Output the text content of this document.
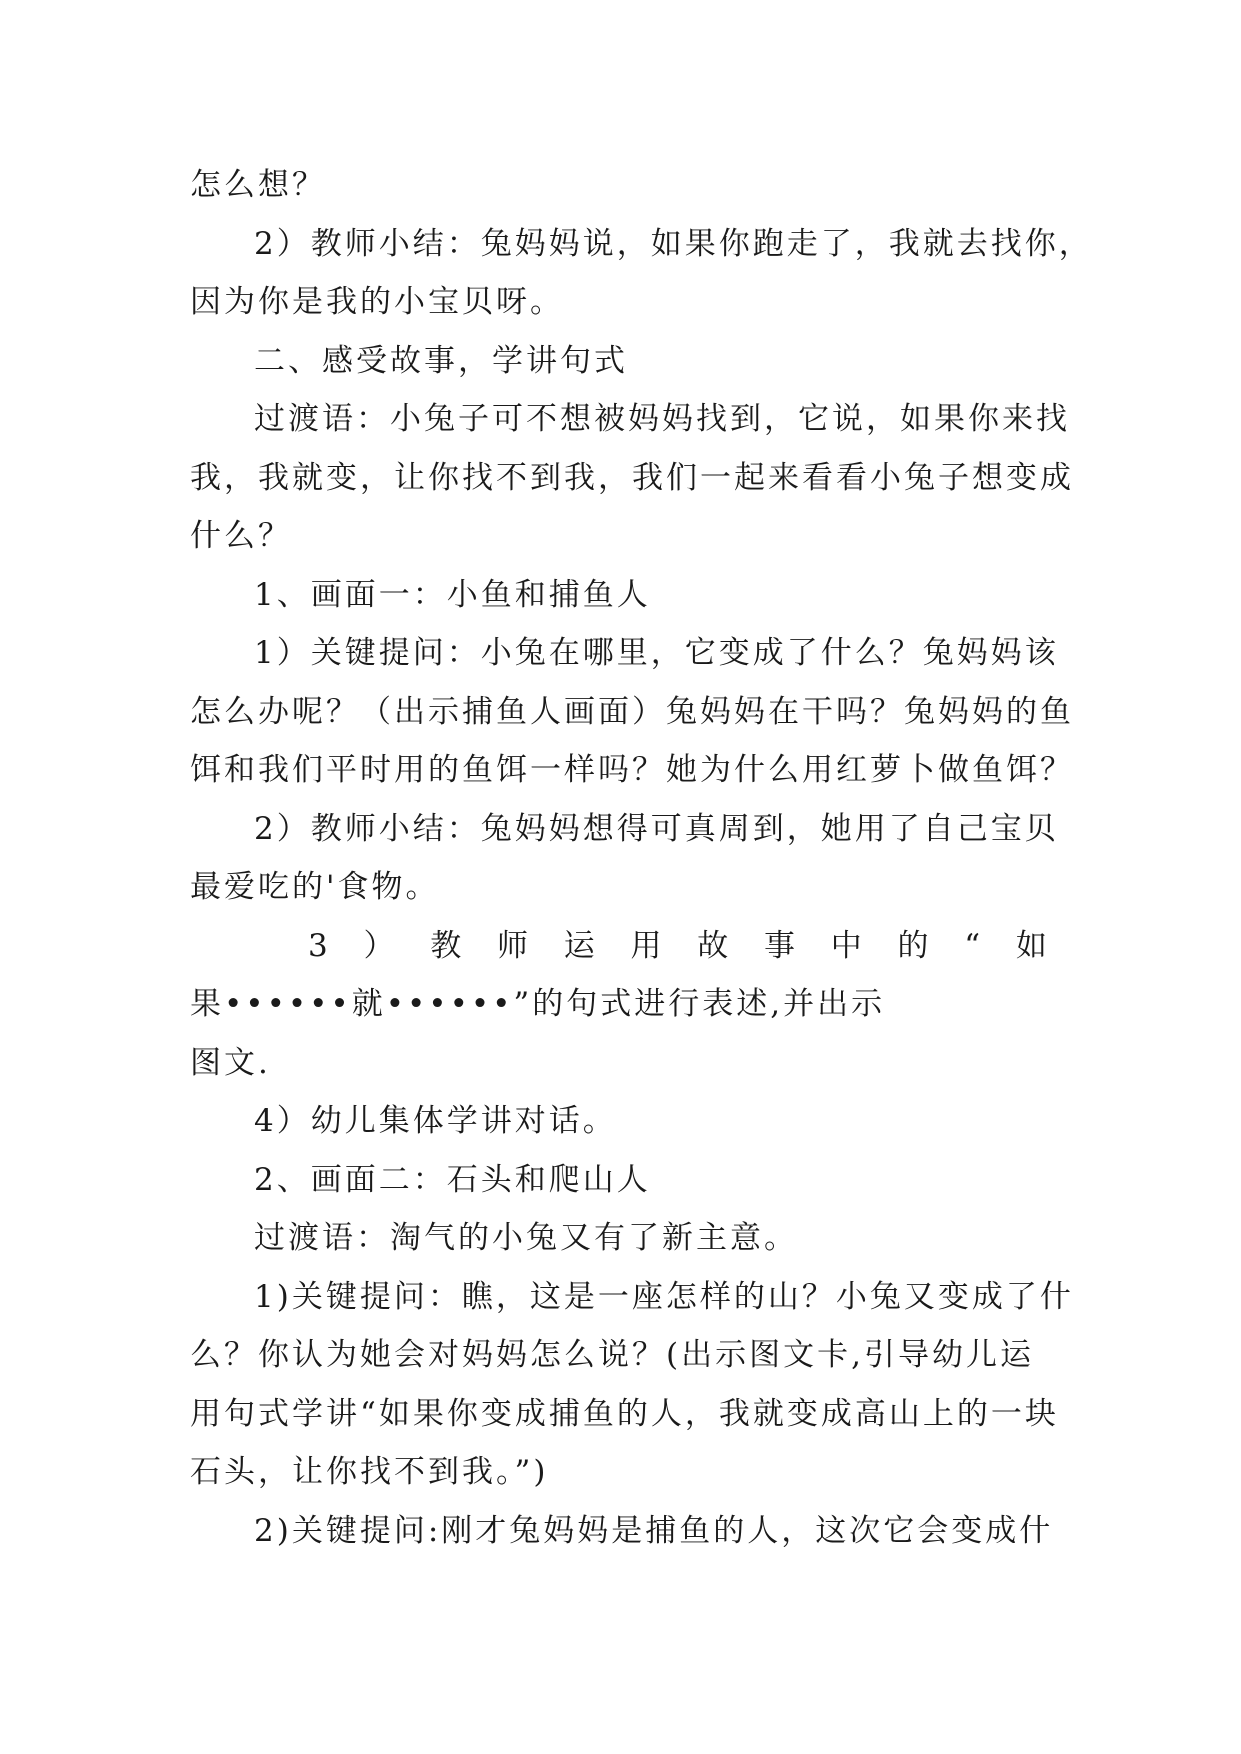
怎么想？
2）教师小结：兔妈妈说，如果你跑走了，我就去找你，
因为你是我的小宝贝呀。
二、感受故事，学讲句式
过渡语：小兔子可不想被妈妈找到，它说，如果你来找
我，我就变，让你找不到我，我们一起来看看小兔子想变成
什么？
1、画面一：小鱼和捕鱼人
1）关键提问：小兔在哪里，它变成了什么？兔妈妈该
怎么办呢？（出示捕鱼人画面）兔妈妈在干吗？兔妈妈的鱼
饵和我们平时用的鱼饵一样吗？她为什么用红萝卜做鱼饵？
2）教师小结：兔妈妈想得可真周到，她用了自己宝贝
最爱吃的'食物。
3 ） 教 师 运 用 故 事 中 的 “ 如
果••••••就••••••”的句式进行表述,并出示
图文.
4）幼儿集体学讲对话。
2、画面二：石头和爬山人
过渡语：淘气的小兔又有了新主意。
1)关键提问：瞧，这是一座怎样的山？小兔又变成了什
么？你认为她会对妈妈怎么说？(出示图文卡,引导幼儿运
用句式学讲“如果你变成捕鱼的人，我就变成高山上的一块
石头，让你找不到我。”)
2)关键提问:刚才兔妈妈是捕鱼的人，这次它会变成什
